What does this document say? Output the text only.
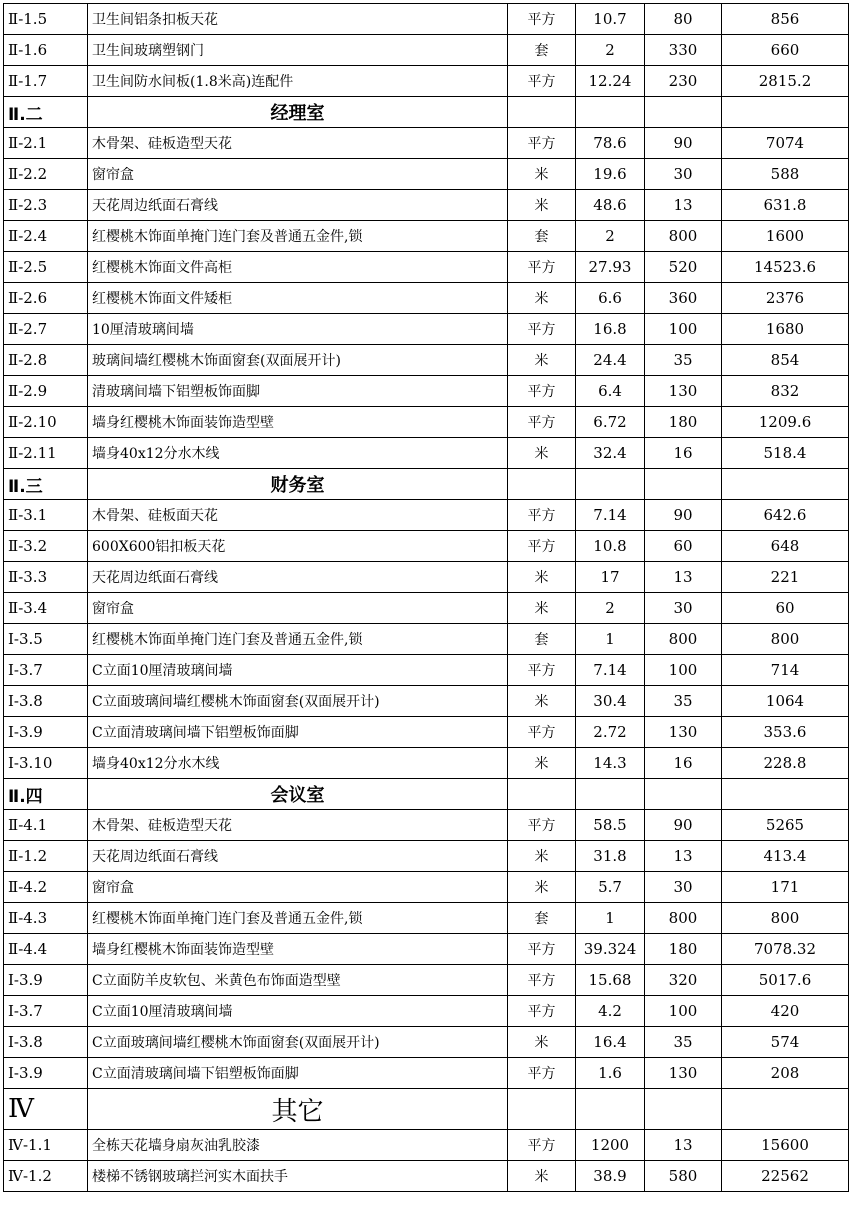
Ⅱ-1.5	卫生间铝条扣板天花	平方	10.7	80	856
Ⅱ-1.6	卫生间玻璃塑钢门	套	2	330	660
Ⅱ-1.7	卫生间防水间板(1.8米高)连配件	平方	12.24	230	2815.2
Ⅱ.二	经理室				
Ⅱ-2.1	木骨架、硅板造型天花	平方	78.6	90	7074
Ⅱ-2.2	窗帘盒	米	19.6	30	588
Ⅱ-2.3	天花周边纸面石膏线	米	48.6	13	631.8
Ⅱ-2.4	红樱桃木饰面单掩门连门套及普通五金件,锁	套	2	800	1600
Ⅱ-2.5	红樱桃木饰面文件高柜	平方	27.93	520	14523.6
Ⅱ-2.6	红樱桃木饰面文件矮柜	米	6.6	360	2376
Ⅱ-2.7	10厘清玻璃间墙	平方	16.8	100	1680
Ⅱ-2.8	玻璃间墙红樱桃木饰面窗套(双面展开计)	米	24.4	35	854
Ⅱ-2.9	清玻璃间墙下铝塑板饰面脚	平方	6.4	130	832
Ⅱ-2.10	墙身红樱桃木饰面装饰造型壁	平方	6.72	180	1209.6
Ⅱ-2.11	墙身40x12分水木线	米	32.4	16	518.4
Ⅱ.三	财务室				
Ⅱ-3.1	木骨架、硅板面天花	平方	7.14	90	642.6
Ⅱ-3.2	600X600铝扣板天花	平方	10.8	60	648
Ⅱ-3.3	天花周边纸面石膏线	米	17	13	221
Ⅱ-3.4	窗帘盒	米	2	30	60
Ⅰ-3.5	红樱桃木饰面单掩门连门套及普通五金件,锁	套	1	800	800
Ⅰ-3.7	C立面10厘清玻璃间墙	平方	7.14	100	714
Ⅰ-3.8	C立面玻璃间墙红樱桃木饰面窗套(双面展开计)	米	30.4	35	1064
Ⅰ-3.9	C立面清玻璃间墙下铝塑板饰面脚	平方	2.72	130	353.6
Ⅰ-3.10	墙身40x12分水木线	米	14.3	16	228.8
Ⅱ.四	会议室				
Ⅱ-4.1	木骨架、硅板造型天花	平方	58.5	90	5265
Ⅱ-1.2	天花周边纸面石膏线	米	31.8	13	413.4
Ⅱ-4.2	窗帘盒	米	5.7	30	171
Ⅱ-4.3	红樱桃木饰面单掩门连门套及普通五金件,锁	套	1	800	800
Ⅱ-4.4	墙身红樱桃木饰面装饰造型壁	平方	39.324	180	7078.32
Ⅰ-3.9	C立面防羊皮软包、米黄色布饰面造型壁	平方	15.68	320	5017.6
Ⅰ-3.7	C立面10厘清玻璃间墙	平方	4.2	100	420
Ⅰ-3.8	C立面玻璃间墙红樱桃木饰面窗套(双面展开计)	米	16.4	35	574
Ⅰ-3.9	C立面清玻璃间墙下铝塑板饰面脚	平方	1.6	130	208
Ⅳ	其它				
Ⅳ-1.1	全栋天花墙身扇灰油乳胶漆	平方	1200	13	15600
Ⅳ-1.2	楼梯不锈钢玻璃拦河实木面扶手	米	38.9	580	22562
